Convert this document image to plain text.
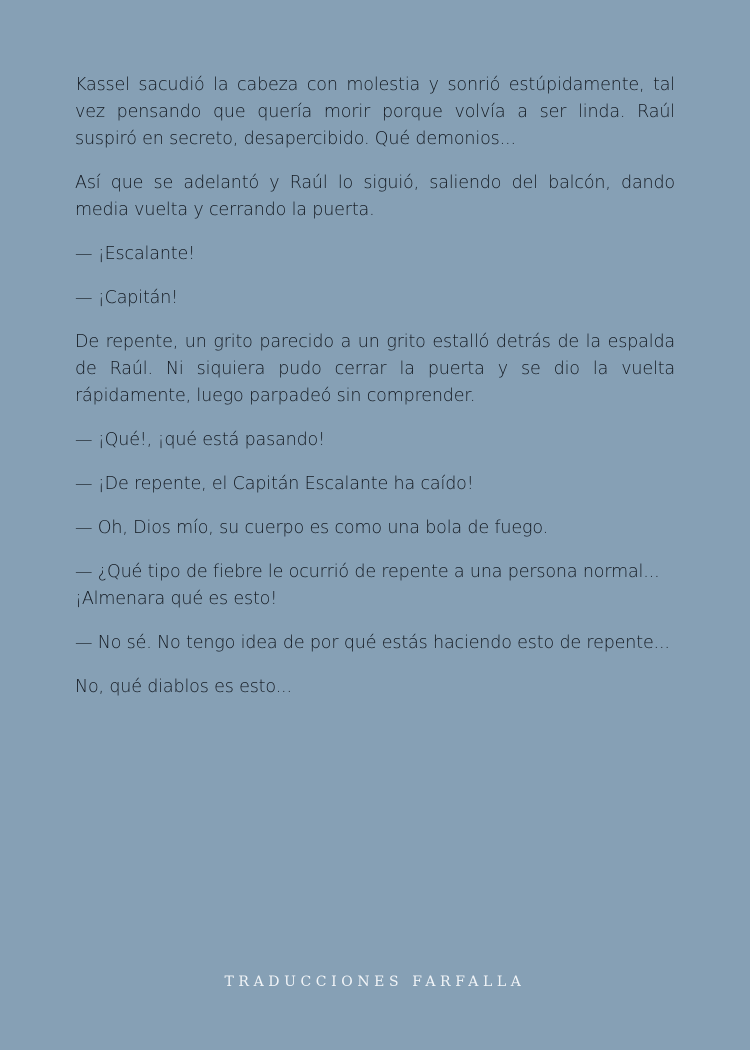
Kassel sacudió la cabeza con molestia y sonrió estúpidamente, tal vez pensando que quería morir porque volvía a ser linda. Raúl suspiró en secreto, desapercibido. Qué demonios...

Así que se adelantó y Raúl lo siguió, saliendo del balcón, dando media vuelta y cerrando la puerta.

— ¡Escalante!

— ¡Capitán!

De repente, un grito parecido a un grito estalló detrás de la espalda de Raúl. Ni siquiera pudo cerrar la puerta y se dio la vuelta rápidamente, luego parpadeó sin comprender.

— ¡Qué!, ¡qué está pasando!

— ¡De repente, el Capitán Escalante ha caído!

— Oh, Dios mío, su cuerpo es como una bola de fuego.

— ¿Qué tipo de fiebre le ocurrió de repente a una persona normal... ¡Almenara qué es esto!

— No sé. No tengo idea de por qué estás haciendo esto de repente...

No, qué diablos es esto...

TRADUCCIONES FARFALLA
